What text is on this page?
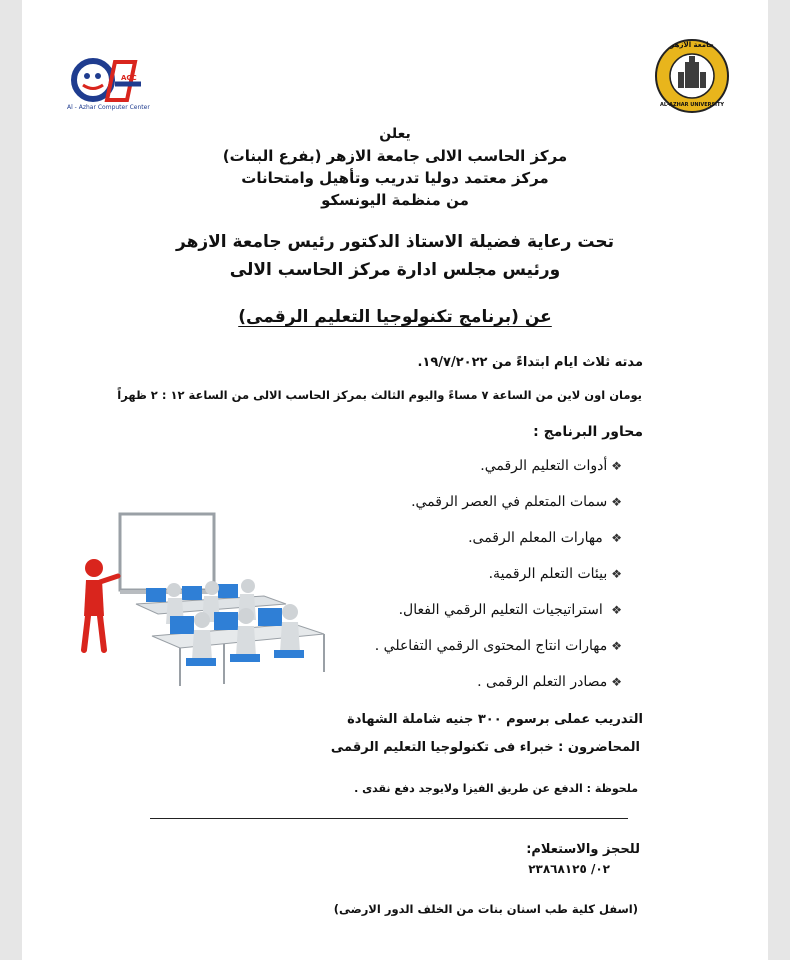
ACC
Al - Azhar Computer Center
جامعة الازهر
AL-AZHAR UNIVERSITY
يعلن
مركز الحاسب الالى جامعة الازهر (بفرع البنات)
مركز معتمد دوليا تدريب وتأهيل وامتحانات
من منظمة اليونسكو
تحت رعاية فضيلة الاستاذ الدكتور رئيس جامعة الازهر
ورئيس مجلس ادارة مركز الحاسب الالى
عن (برنامج تكنولوجيا التعليم الرقمى)
مدته ثلاث ايام ابتداءً من ١٩/٧/٢٠٢٢.
يومان اون لاين من الساعة ٧ مساءً واليوم الثالث بمركز الحاسب الالى من الساعة ١٢ : ٢ ظهراً
محاور البرنامج :
❖أدوات التعليم الرقمي.
❖سمات المتعلم في العصر الرقمي.
❖ مهارات المعلم الرقمى.
❖بيئات التعلم الرقمية.
❖ استراتيجيات التعليم الرقمي الفعال.
❖مهارات انتاج المحتوى الرقمي التفاعلي .
❖مصادر التعلم الرقمى .
التدريب عملى برسوم ٣٠٠ جنيه شاملة الشهادة
المحاضرون : خبراء فى تكنولوجيا التعليم الرقمى
ملحوظة : الدفع عن طريق الفيزا ولايوجد دفع نقدى .
للحجز والاستعلام:
٠٢/ ٢٣٨٦٨١٢٥
(اسفل كلية طب اسنان بنات من الخلف الدور الارضى)
